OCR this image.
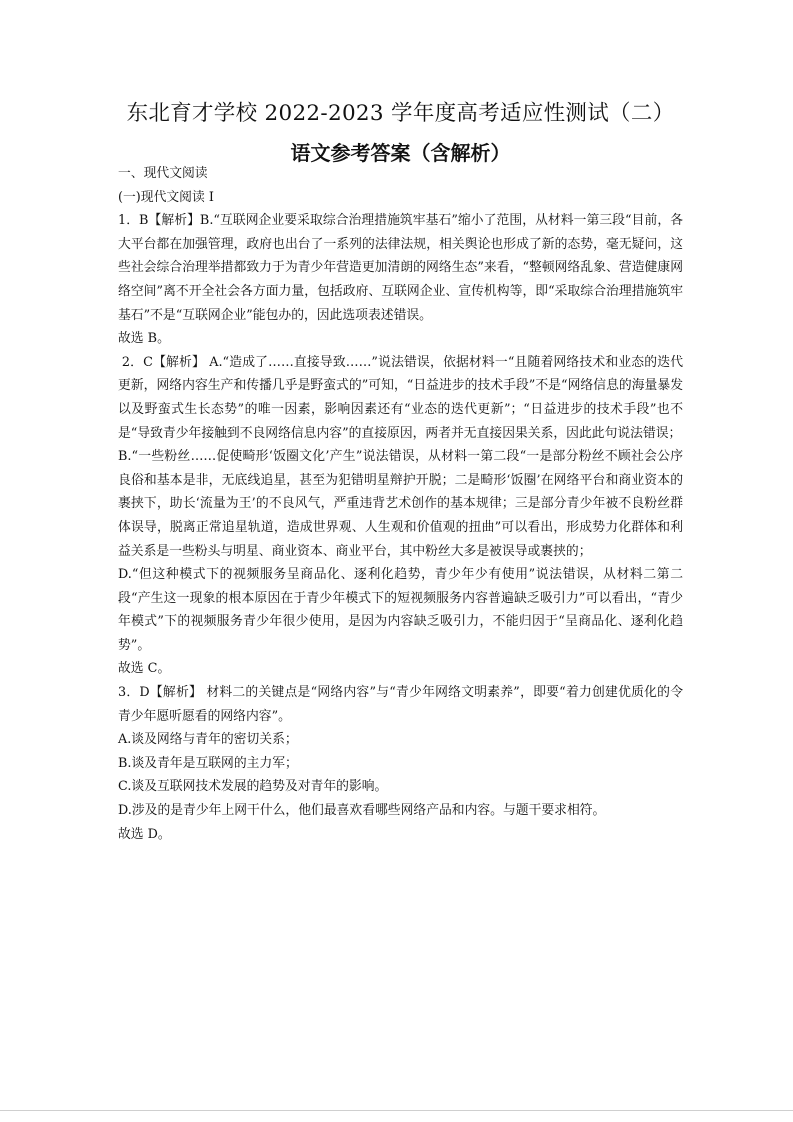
东北育才学校 2022-2023 学年度高考适应性测试（二）
语文参考答案（含解析）

一、现代文阅读

(一)现代文阅读 I

1．B【解析】B.“互联网企业要采取综合治理措施筑牢基石”缩小了范围，从材料一第三段“目前，各大平台都在加强管理，政府也出台了一系列的法律法规，相关舆论也形成了新的态势，毫无疑问，这些社会综合治理举措都致力于为青少年营造更加清朗的网络生态”来看，“整顿网络乱象、营造健康网络空间”离不开全社会各方面力量，包括政府、互联网企业、宣传机构等，即“采取综合治理措施筑牢基石”不是“互联网企业”能包办的，因此选项表述错误。

故选 B。

2．C【解析】 A.“造成了……直接导致……”说法错误，依据材料一“且随着网络技术和业态的迭代更新，网络内容生产和传播几乎是野蛮式的”可知，“日益进步的技术手段”不是“网络信息的海量暴发以及野蛮式生长态势”的唯一因素，影响因素还有“业态的迭代更新”；“日益进步的技术手段”也不是“导致青少年接触到不良网络信息内容”的直接原因，两者并无直接因果关系，因此此句说法错误；

B.“一些粉丝……促使畸形‘饭圈文化’产生”说法错误，从材料一第二段“一是部分粉丝不顾社会公序良俗和基本是非，无底线追星，甚至为犯错明星辩护开脱；二是畸形‘饭圈’在网络平台和商业资本的裹挟下，助长‘流量为王’的不良风气，严重违背艺术创作的基本规律；三是部分青少年被不良粉丝群体误导，脱离正常追星轨道，造成世界观、人生观和价值观的扭曲”可以看出，形成势力化群体和利益关系是一些粉头与明星、商业资本、商业平台，其中粉丝大多是被误导或裹挟的；

D.“但这种模式下的视频服务呈商品化、逐利化趋势，青少年少有使用”说法错误，从材料二第二段“产生这一现象的根本原因在于青少年模式下的短视频服务内容普遍缺乏吸引力”可以看出，“青少年模式”下的视频服务青少年很少使用，是因为内容缺乏吸引力，不能归因于“呈商品化、逐利化趋势”。

故选 C。

3．D【解析】 材料二的关键点是“网络内容”与“青少年网络文明素养”，即要“着力创建优质化的令青少年愿听愿看的网络内容”。

A.谈及网络与青年的密切关系；

B.谈及青年是互联网的主力军；

C.谈及互联网技术发展的趋势及对青年的影响。

D.涉及的是青少年上网干什么，他们最喜欢看哪些网络产品和内容。与题干要求相符。

故选 D。
